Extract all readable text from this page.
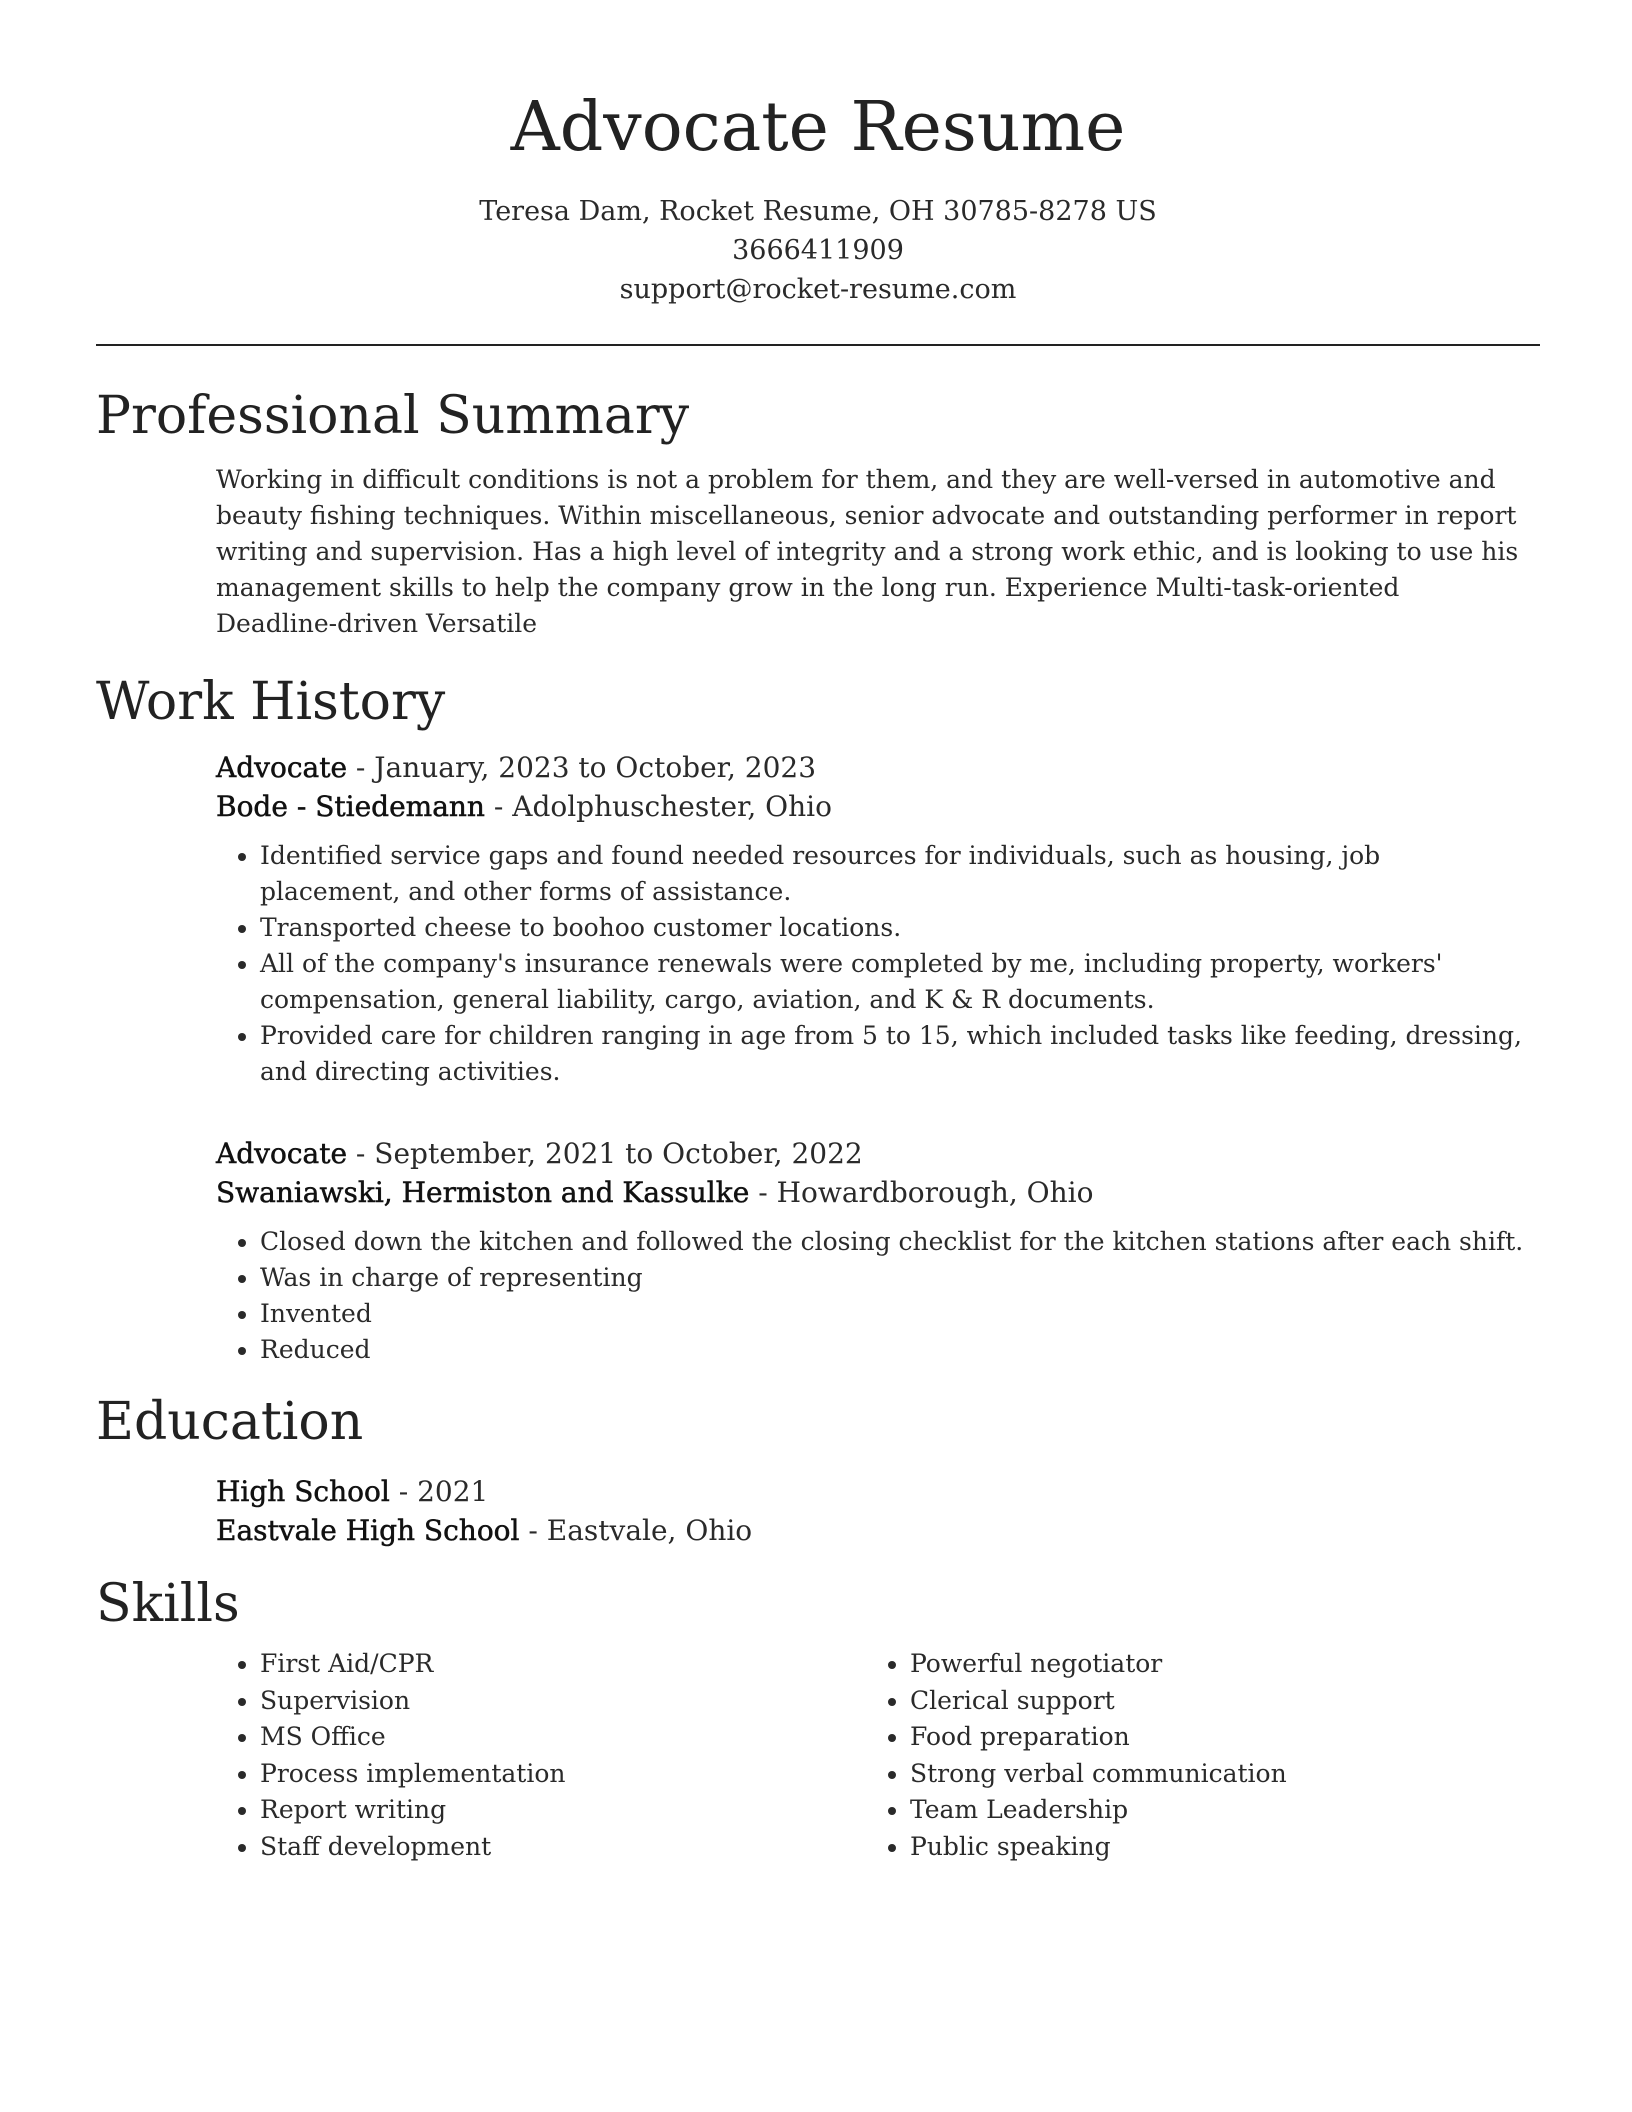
Advocate Resume
Teresa Dam, Rocket Resume, OH 30785-8278 US
3666411909
support@rocket-resume.com
Professional Summary
Working in difficult conditions is not a problem for them, and they are well-versed in automotive and beauty fishing techniques. Within miscellaneous, senior advocate and outstanding performer in report writing and supervision. Has a high level of integrity and a strong work ethic, and is looking to use his management skills to help the company grow in the long run. Experience Multi-task-oriented Deadline-driven Versatile
Work History
Advocate - January, 2023 to October, 2023
Bode - Stiedemann - Adolphuschester, Ohio
• Identified service gaps and found needed resources for individuals, such as housing, job placement, and other forms of assistance.
• Transported cheese to boohoo customer locations.
• All of the company's insurance renewals were completed by me, including property, workers' compensation, general liability, cargo, aviation, and K & R documents.
• Provided care for children ranging in age from 5 to 15, which included tasks like feeding, dressing, and directing activities.
Advocate - September, 2021 to October, 2022
Swaniawski, Hermiston and Kassulke - Howardborough, Ohio
• Closed down the kitchen and followed the closing checklist for the kitchen stations after each shift.
• Was in charge of representing
• Invented
• Reduced
Education
High School - 2021
Eastvale High School - Eastvale, Ohio
Skills
• First Aid/CPR
• Supervision
• MS Office
• Process implementation
• Report writing
• Staff development
• Powerful negotiator
• Clerical support
• Food preparation
• Strong verbal communication
• Team Leadership
• Public speaking
